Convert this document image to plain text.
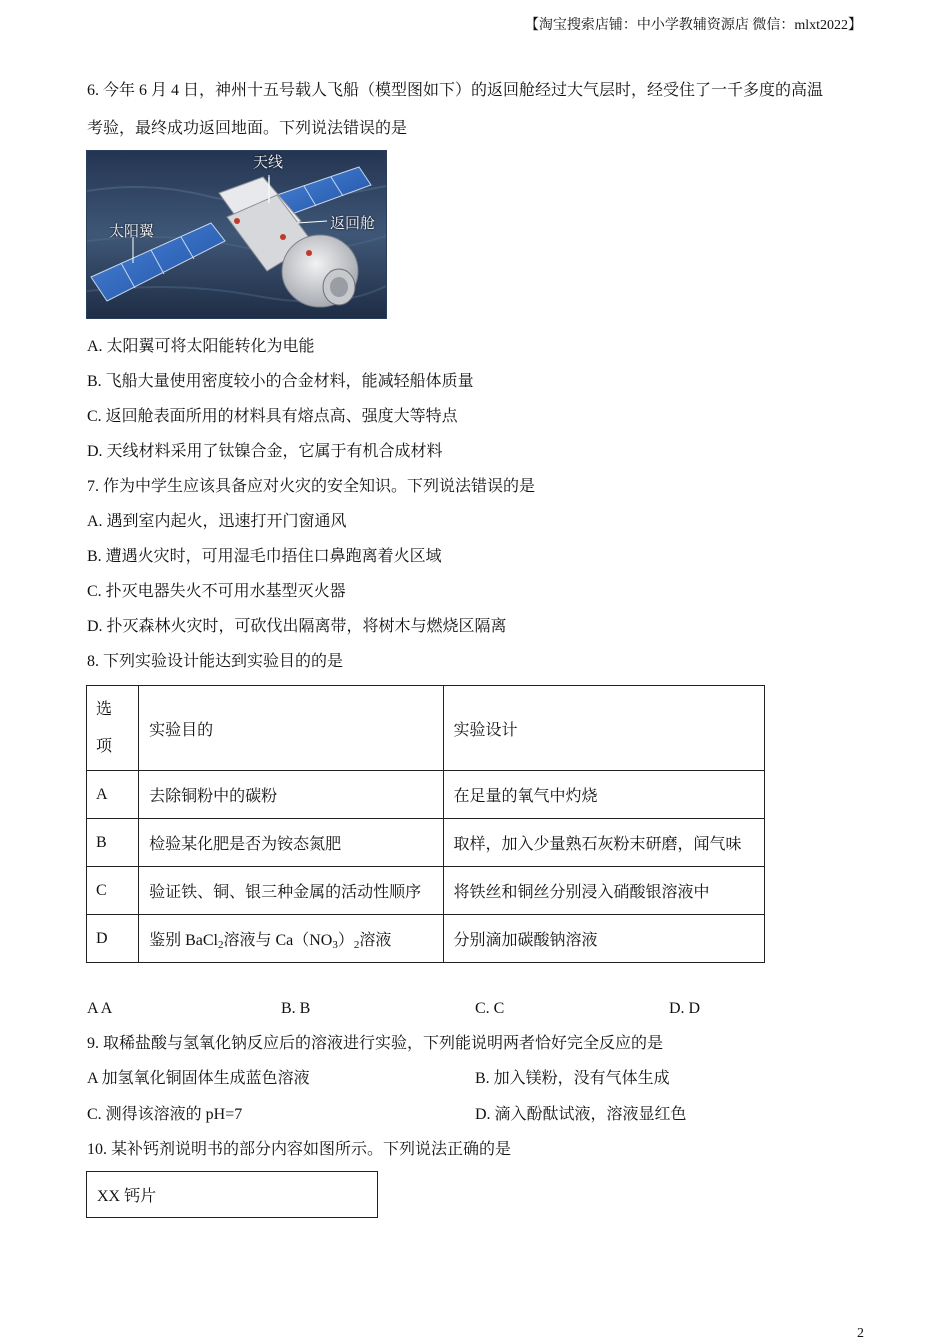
【淘宝搜索店铺：中小学教辅资源店 微信：mlxt2022】
6. 今年 6 月 4 日，神州十五号载人飞船（模型图如下）的返回舱经过大气层时，经受住了一千多度的高温
考验，最终成功返回地面。下列说法错误的是
天线
太阳翼	返回舱
A. 太阳翼可将太阳能转化为电能
B. 飞船大量使用密度较小的合金材料，能减轻船体质量
C. 返回舱表面所用的材料具有熔点高、强度大等特点
D. 天线材料采用了钛镍合金，它属于有机合成材料
7. 作为中学生应该具备应对火灾的安全知识。下列说法错误的是
A. 遇到室内起火，迅速打开门窗通风
B. 遭遇火灾时，可用湿毛巾捂住口鼻跑离着火区域
C. 扑灭电器失火不可用水基型灭火器
D. 扑灭森林火灾时，可砍伐出隔离带，将树木与燃烧区隔离
8. 下列实验设计能达到实验目的的是
选
项	实验目的	实验设计
A	去除铜粉中的碳粉	在足量的氧气中灼烧
B	检验某化肥是否为铵态氮肥	取样，加入少量熟石灰粉末研磨，闻气味
C	验证铁、铜、银三种金属的活动性顺序	将铁丝和铜丝分别浸入硝酸银溶液中
D	鉴别 BaCl$_2$溶液与 $Ca(NO_3)_2$溶液	分别滴加碳酸钠溶液
A A	B. B	C. C	D. D
9. 取稀盐酸与氢氧化钠反应后的溶液进行实验，下列能说明两者恰好完全反应的是
A 加氢氧化铜固体生成蓝色溶液	B. 加入镁粉，没有气体生成
C. 测得该溶液的 pH=7	D. 滴入酚酞试液，溶液显红色
10. 某补钙剂说明书的部分内容如图所示。下列说法正确的是
XX 钙片
2
